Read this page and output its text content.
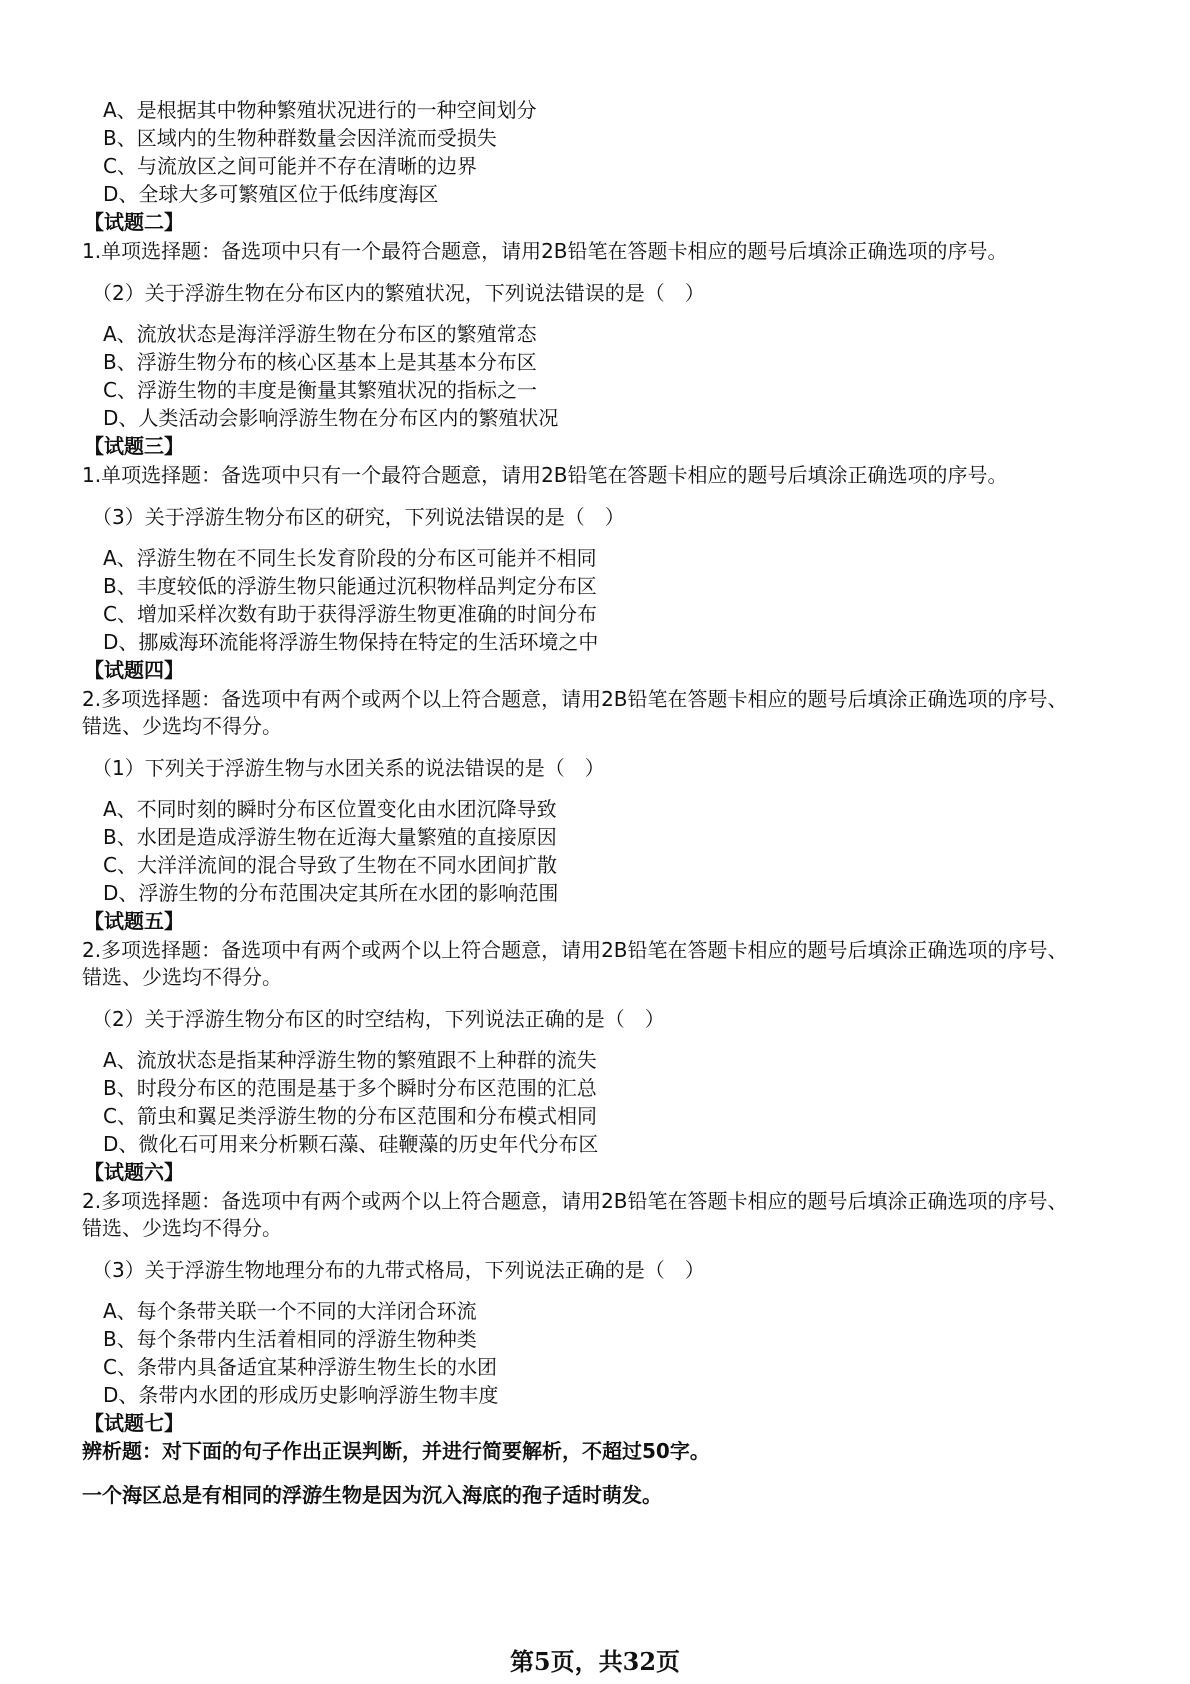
A、是根据其中物种繁殖状况进行的一种空间划分
B、区域内的生物种群数量会因洋流而受损失
C、与流放区之间可能并不存在清晰的边界
D、全球大多可繁殖区位于低纬度海区
【试题二】
1.单项选择题：备选项中只有一个最符合题意，请用2B铅笔在答题卡相应的题号后填涂正确选项的序号。
（2）关于浮游生物在分布区内的繁殖状况，下列说法错误的是（　）
A、流放状态是海洋浮游生物在分布区的繁殖常态
B、浮游生物分布的核心区基本上是其基本分布区
C、浮游生物的丰度是衡量其繁殖状况的指标之一
D、人类活动会影响浮游生物在分布区内的繁殖状况
【试题三】
1.单项选择题：备选项中只有一个最符合题意，请用2B铅笔在答题卡相应的题号后填涂正确选项的序号。
（3）关于浮游生物分布区的研究，下列说法错误的是（　）
A、浮游生物在不同生长发育阶段的分布区可能并不相同
B、丰度较低的浮游生物只能通过沉积物样品判定分布区
C、增加采样次数有助于获得浮游生物更准确的时间分布
D、挪威海环流能将浮游生物保持在特定的生活环境之中
【试题四】
2.多项选择题：备选项中有两个或两个以上符合题意，请用2B铅笔在答题卡相应的题号后填涂正确选项的序号、
错选、少选均不得分。
（1）下列关于浮游生物与水团关系的说法错误的是（　）
A、不同时刻的瞬时分布区位置变化由水团沉降导致
B、水团是造成浮游生物在近海大量繁殖的直接原因
C、大洋洋流间的混合导致了生物在不同水团间扩散
D、浮游生物的分布范围决定其所在水团的影响范围
【试题五】
2.多项选择题：备选项中有两个或两个以上符合题意，请用2B铅笔在答题卡相应的题号后填涂正确选项的序号、
错选、少选均不得分。
（2）关于浮游生物分布区的时空结构，下列说法正确的是（　）
A、流放状态是指某种浮游生物的繁殖跟不上种群的流失
B、时段分布区的范围是基于多个瞬时分布区范围的汇总
C、箭虫和翼足类浮游生物的分布区范围和分布模式相同
D、微化石可用来分析颗石藻、硅鞭藻的历史年代分布区
【试题六】
2.多项选择题：备选项中有两个或两个以上符合题意，请用2B铅笔在答题卡相应的题号后填涂正确选项的序号、
错选、少选均不得分。
（3）关于浮游生物地理分布的九带式格局，下列说法正确的是（　）
A、每个条带关联一个不同的大洋闭合环流
B、每个条带内生活着相同的浮游生物种类
C、条带内具备适宜某种浮游生物生长的水团
D、条带内水团的形成历史影响浮游生物丰度
【试题七】
辨析题：对下面的句子作出正误判断，并进行简要解析，不超过50字。
一个海区总是有相同的浮游生物是因为沉入海底的孢子适时萌发。
第5页，共32页
